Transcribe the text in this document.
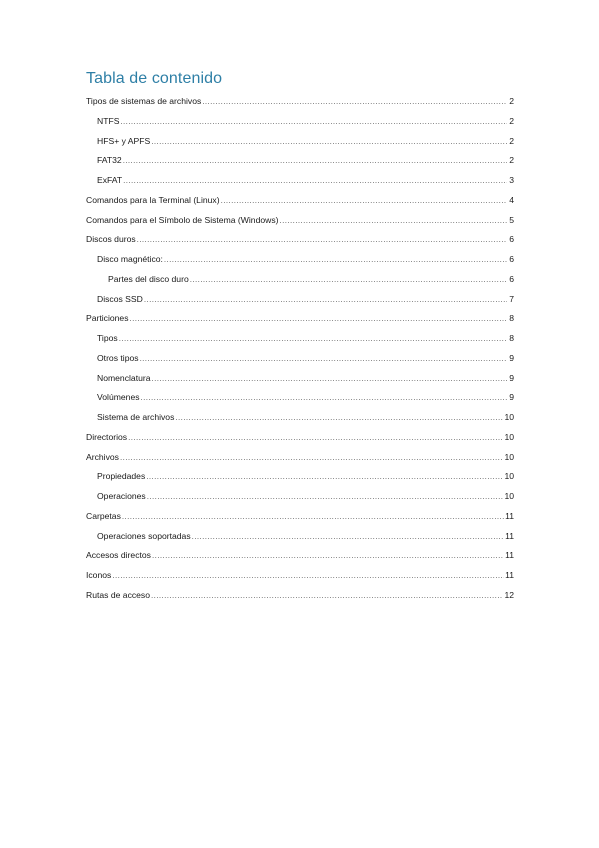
Tabla de contenido
Tipos de sistemas de archivos .....	2
NTFS .....	2
HFS+ y APFS .....	2
FAT32 .....	2
ExFAT .....	3
Comandos para la Terminal (Linux) .....	4
Comandos para el Símbolo de Sistema (Windows) .....	5
Discos duros .....	6
Disco magnético: .....	6
Partes del disco duro .....	6
Discos SSD .....	7
Particiones .....	8
Tipos .....	8
Otros tipos .....	9
Nomenclatura .....	9
Volúmenes .....	9
Sistema de archivos .....	10
Directorios .....	10
Archivos .....	10
Propiedades .....	10
Operaciones .....	10
Carpetas .....	11
Operaciones soportadas .....	11
Accesos directos .....	11
Iconos .....	11
Rutas de acceso .....	12
